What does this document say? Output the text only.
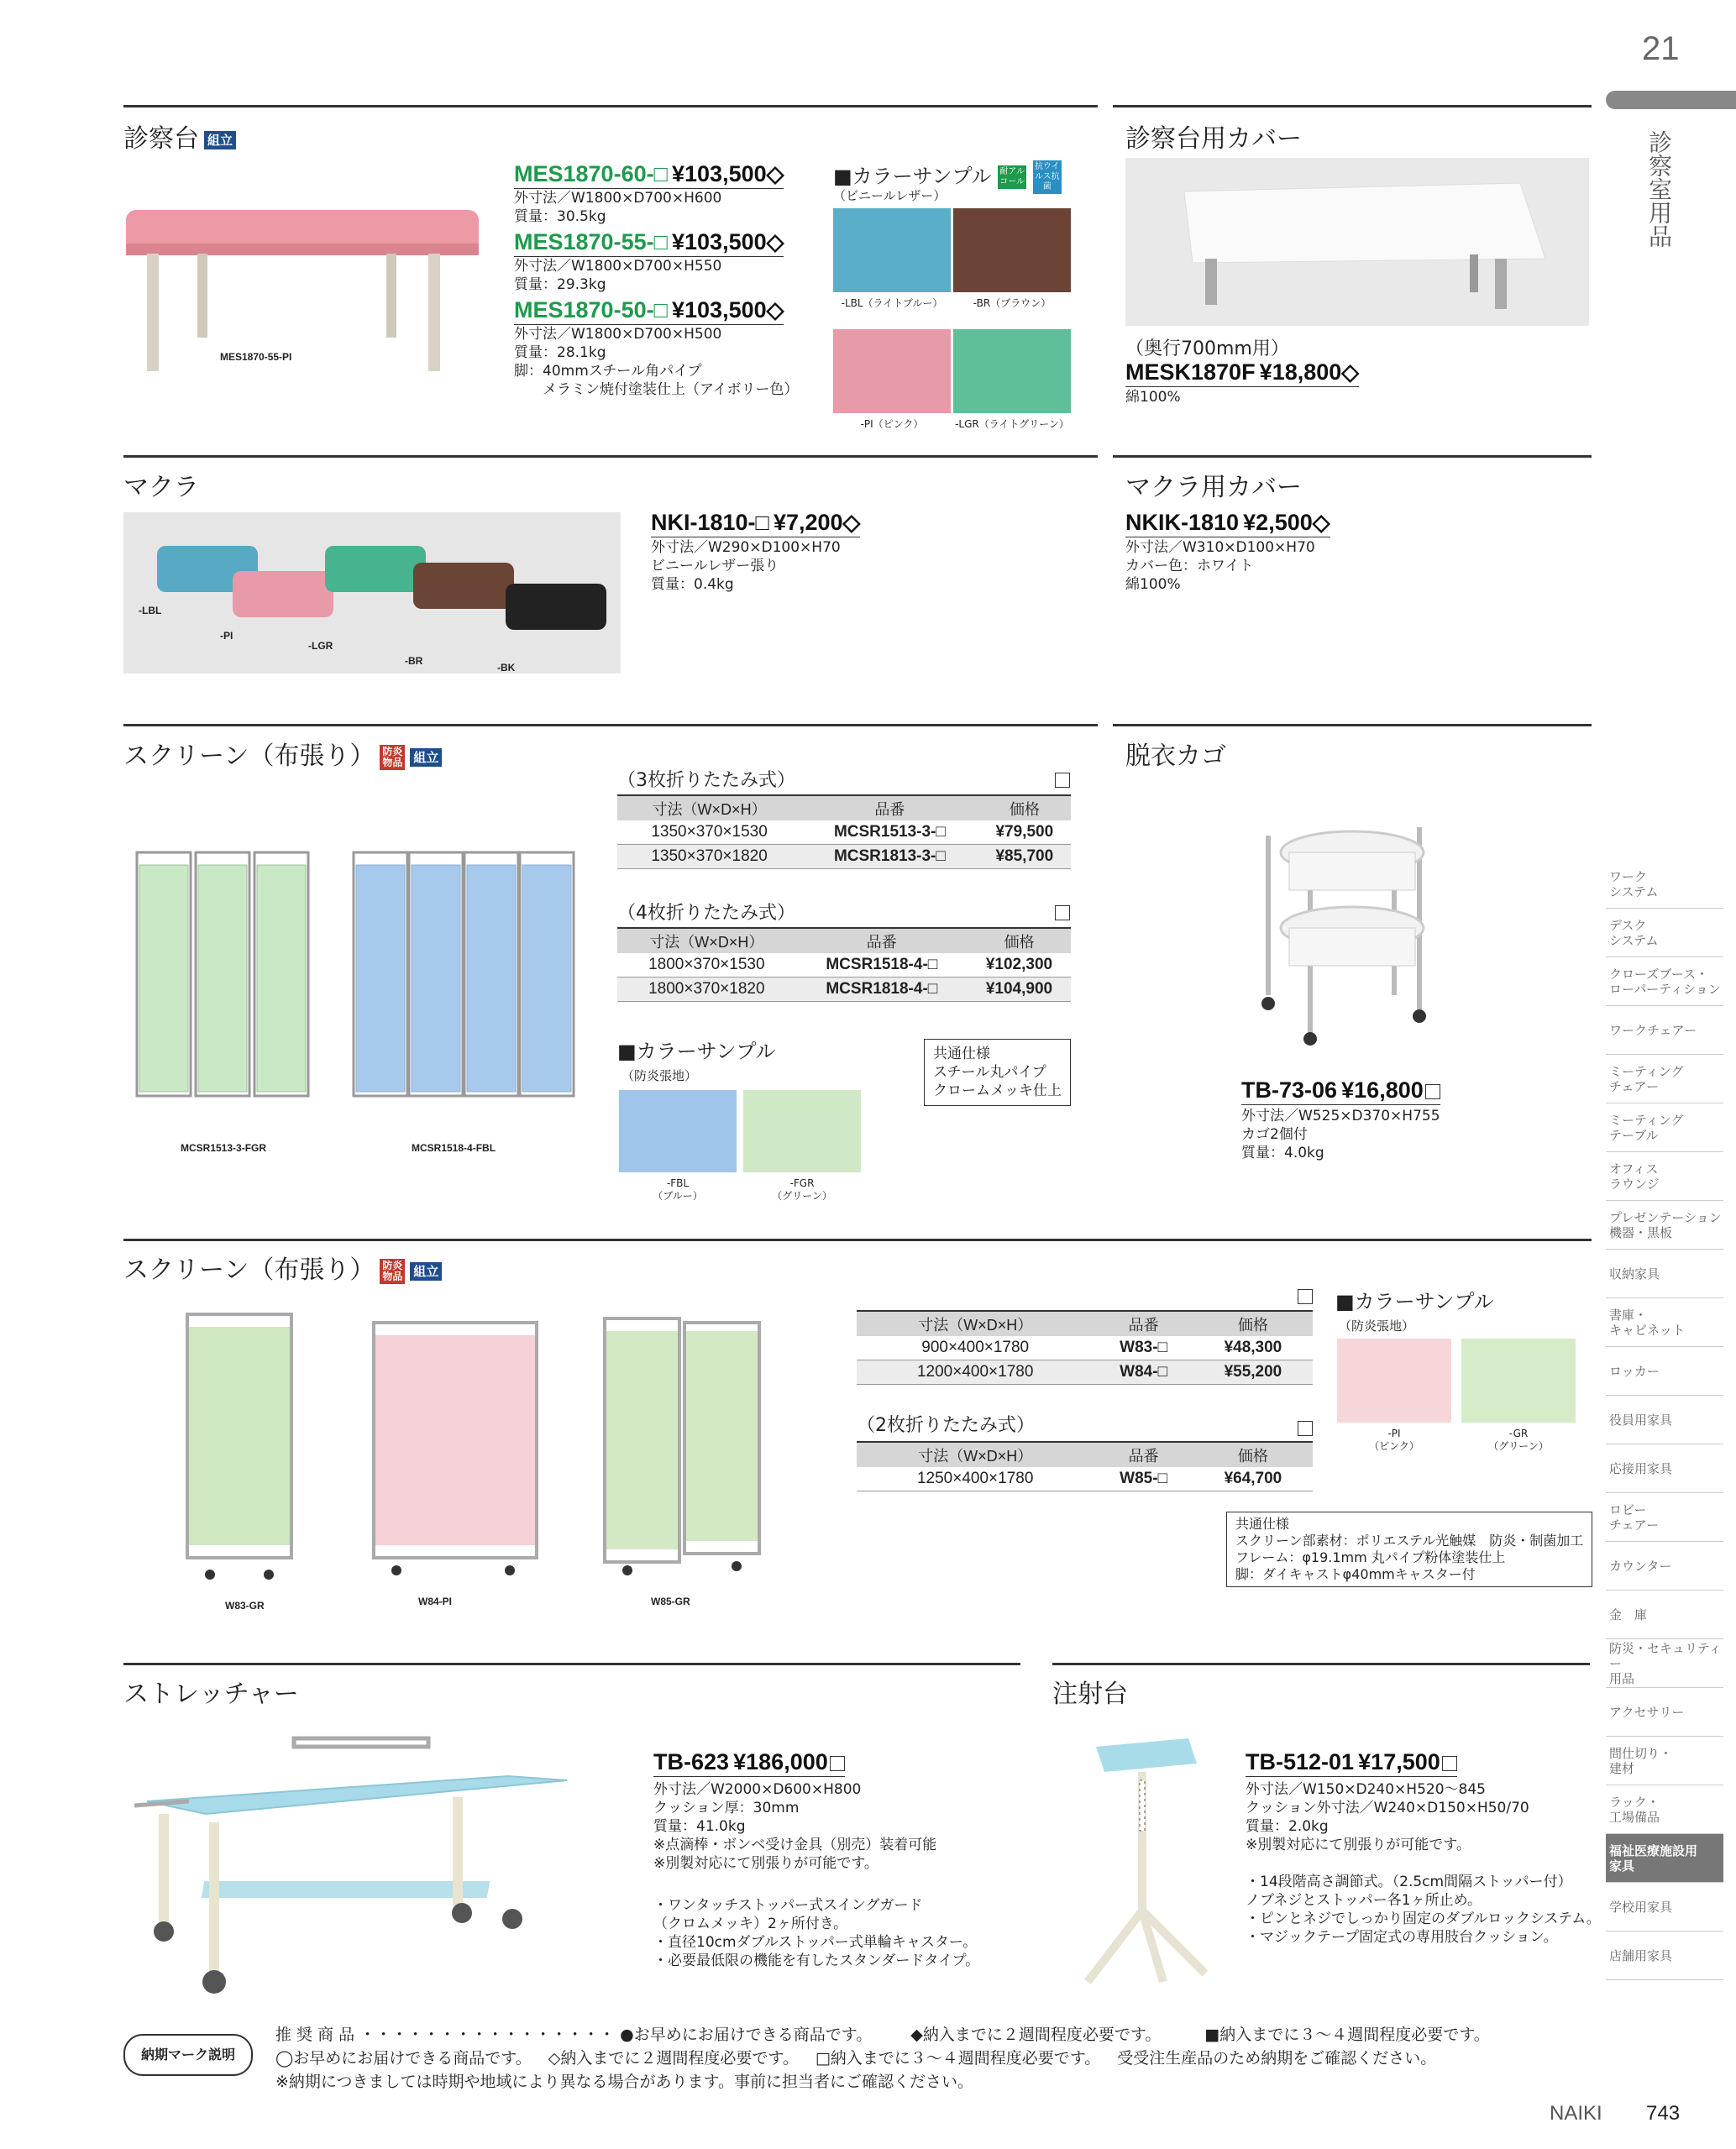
21
診察室用品
ワーク
システム
デスク
システム
クローズブース・
ローパーティション
ワークチェアー
ミーティング
チェアー
ミーティング
テーブル
オフィス
ラウンジ
プレゼンテーション
機器・黒板
収納家具
書庫・
キャビネット
ロッカー
役員用家具
応接用家具
ロビー
チェアー
カウンター
金　庫
防災・セキュリティー
用品
アクセサリー
間仕切り・
建材
ラック・
工場備品
福祉医療施設用
家具
学校用家具
店舗用家具
診察台 組立
MES1870-55-PI
MES1870-60-□ ¥103,500◇
外寸法／W1800×D700×H600
質量：30.5kg
MES1870-55-□ ¥103,500◇
外寸法／W1800×D700×H550
質量：29.3kg
MES1870-50-□ ¥103,500◇
外寸法／W1800×D700×H500
質量：28.1kg
脚：40mmスチール角パイプ
　　メラミン焼付塗装仕上（アイボリー色）
■カラーサンプル 耐アル
コール 抗ウイ
ルス抗菌
（ビニールレザー）
-LBL（ライトブルー）	-BR（ブラウン）
-PI（ピンク）	-LGR（ライトグリーン）
診察台用カバー
（奥行700mm用）
MESK1870F ¥18,800◇
綿100%
マクラ
NKI-1810-□ ¥7,200◇
外寸法／W290×D100×H70
ビニールレザー張り
質量：0.4kg
マクラ用カバー
NKIK-1810 ¥2,500◇
外寸法／W310×D100×H70
カバー色：ホワイト
綿100%
スクリーン（布張り） 防炎
物品 組立
MCSR1513-3-FGR	MCSR1518-4-FBL
（3枚折りたたみ式）
寸法（W×D×H）	品番	価格
1350×370×1530	MCSR1513-3-□	¥79,500
1350×370×1820	MCSR1813-3-□	¥85,700
（4枚折りたたみ式）
寸法（W×D×H）	品番	価格
1800×370×1530	MCSR1518-4-□	¥102,300
1800×370×1820	MCSR1818-4-□	¥104,900
■カラーサンプル
（防炎張地）
-FBL
（ブルー）
-FGR
（グリーン）
共通仕様
スチール丸パイプ
クロームメッキ仕上
脱衣カゴ
TB-73-06 ¥16,800
外寸法／W525×D370×H755
カゴ2個付
質量：4.0kg
スクリーン（布張り） 防炎
物品 組立
W83-GR	W84-PI	W85-GR
寸法（W×D×H）	品番	価格
900×400×1780	W83-□	¥48,300
1200×400×1780	W84-□	¥55,200
（2枚折りたたみ式）
寸法（W×D×H）	品番	価格
1250×400×1780	W85-□	¥64,700
■カラーサンプル
（防炎張地）
-PI
（ピンク）
-GR
（グリーン）
共通仕様
スクリーン部素材：ポリエステル光触媒　防炎・制菌加工
フレーム：φ19.1mm 丸パイプ粉体塗装仕上
脚：ダイキャストφ40mmキャスター付
ストレッチャー
TB-623 ¥186,000
外寸法／W2000×D600×H800
クッション厚：30mm
質量：41.0kg
※点滴棒・ボンベ受け金具（別売）装着可能
※別製対応にて別張りが可能です。
・ワンタッチストッパー式スイングガード
（クロムメッキ）2ヶ所付き。
・直径10cmダブルストッパー式単輪キャスター。
・必要最低限の機能を有したスタンダードタイプ。
注射台
TB-512-01 ¥17,500
外寸法／W150×D240×H520～845
クッション外寸法／W240×D150×H50/70
質量：2.0kg
※別製対応にて別張りが可能です。
・14段階高さ調節式。（2.5cm間隔ストッパー付）
ノブネジとストッパー各1ヶ所止め。
・ピンとネジでしっかり固定のダブルロックシステム。
・マジックテープ固定式の専用肢台クッション。
納期マーク説明
推 奨 商 品 ・・・・・・・・・・・・・・・・ ●お早めにお届けできる商品です。 ◆納入までに２週間程度必要です。	■納入までに３～４週間程度必要です。
◯お早めにお届けできる商品です。 ◇納入までに２週間程度必要です。 □納入までに３～４週間程度必要です。 受受注生産品のため納期をご確認ください。
※納期につきましては時期や地域により異なる場合があります。事前に担当者にご確認ください。
NAIKI 743
-LBL
-PI
-LGR
-BR
-BK
